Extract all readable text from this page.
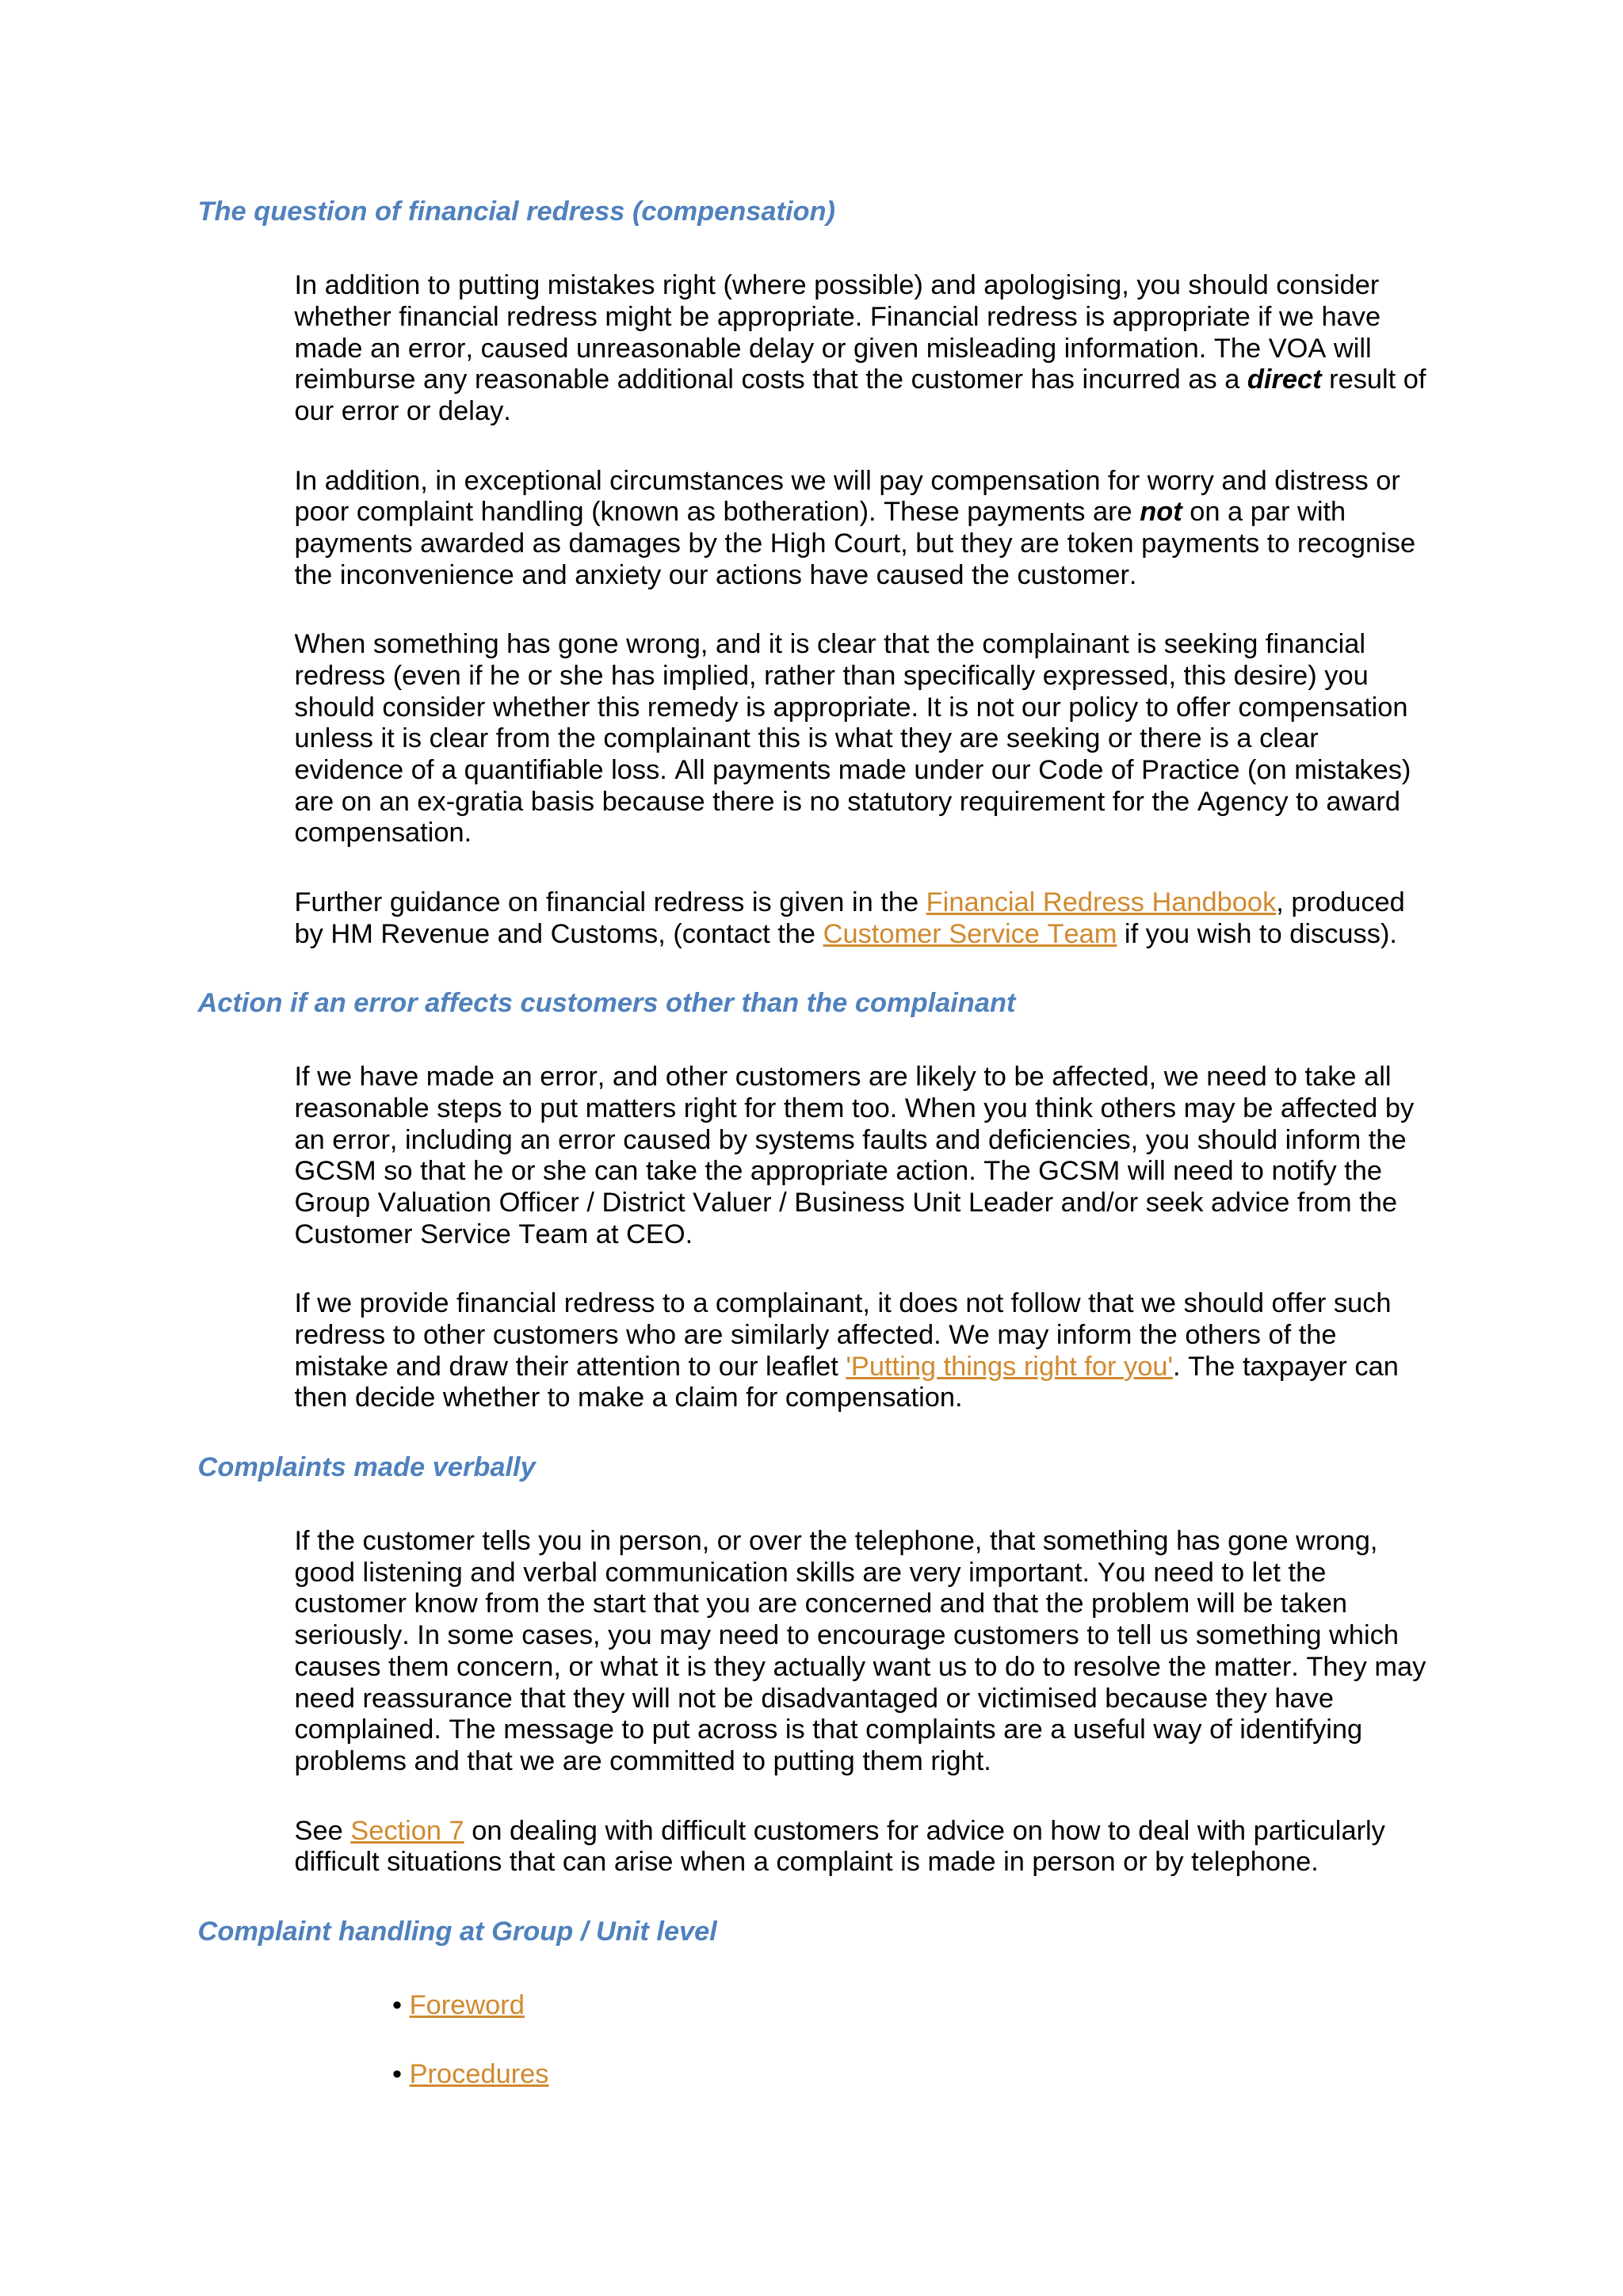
The question of financial redress (compensation)

In addition to putting mistakes right (where possible) and apologising, you should consider whether financial redress might be appropriate. Financial redress is appropriate if we have made an error, caused unreasonable delay or given misleading information. The VOA will reimburse any reasonable additional costs that the customer has incurred as a direct result of our error or delay.

In addition, in exceptional circumstances we will pay compensation for worry and distress or poor complaint handling (known as botheration). These payments are not on a par with payments awarded as damages by the High Court, but they are token payments to recognise the inconvenience and anxiety our actions have caused the customer.

When something has gone wrong, and it is clear that the complainant is seeking financial redress (even if he or she has implied, rather than specifically expressed, this desire) you should consider whether this remedy is appropriate. It is not our policy to offer compensation unless it is clear from the complainant this is what they are seeking or there is a clear evidence of a quantifiable loss. All payments made under our Code of Practice (on mistakes) are on an ex-gratia basis because there is no statutory requirement for the Agency to award compensation.

Further guidance on financial redress is given in the Financial Redress Handbook, produced by HM Revenue and Customs, (contact the Customer Service Team if you wish to discuss).

Action if an error affects customers other than the complainant

If we have made an error, and other customers are likely to be affected, we need to take all reasonable steps to put matters right for them too. When you think others may be affected by an error, including an error caused by systems faults and deficiencies, you should inform the GCSM so that he or she can take the appropriate action. The GCSM will need to notify the Group Valuation Officer / District Valuer / Business Unit Leader and/or seek advice from the Customer Service Team at CEO.

If we provide financial redress to a complainant, it does not follow that we should offer such redress to other customers who are similarly affected. We may inform the others of the mistake and draw their attention to our leaflet 'Putting things right for you'. The taxpayer can then decide whether to make a claim for compensation.

Complaints made verbally

If the customer tells you in person, or over the telephone, that something has gone wrong, good listening and verbal communication skills are very important. You need to let the customer know from the start that you are concerned and that the problem will be taken seriously. In some cases, you may need to encourage customers to tell us something which causes them concern, or what it is they actually want us to do to resolve the matter. They may need reassurance that they will not be disadvantaged or victimised because they have complained. The message to put across is that complaints are a useful way of identifying problems and that we are committed to putting them right.

See Section 7 on dealing with difficult customers for advice on how to deal with particularly difficult situations that can arise when a complaint is made in person or by telephone.

Complaint handling at Group / Unit level
• Foreword
• Procedures
